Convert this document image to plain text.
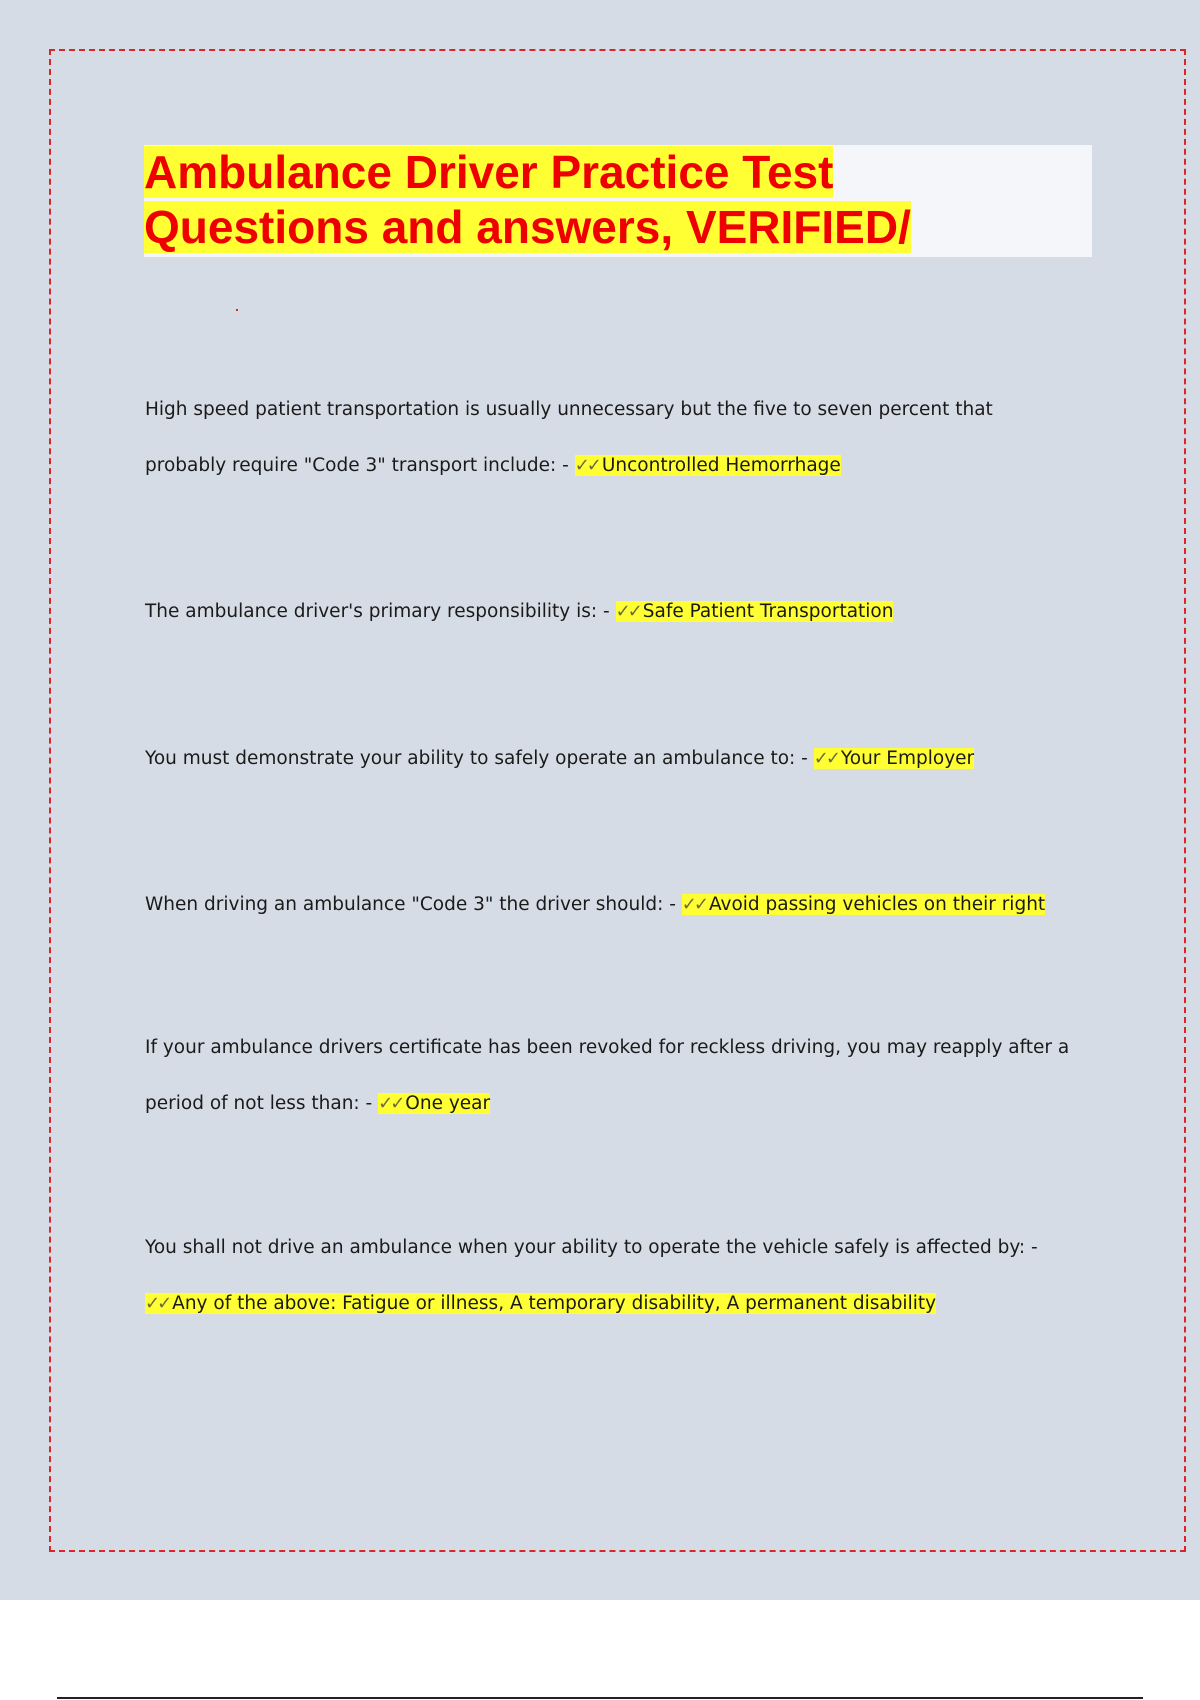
Ambulance Driver Practice Test
Questions and answers, VERIFIED/

High speed patient transportation is usually unnecessary but the five to seven percent that probably require "Code 3" transport include: - ✓✓ Uncontrolled Hemorrhage

The ambulance driver's primary responsibility is: - ✓✓ Safe Patient Transportation

You must demonstrate your ability to safely operate an ambulance to: - ✓✓ Your Employer

When driving an ambulance "Code 3" the driver should: - ✓✓ Avoid passing vehicles on their right

If your ambulance drivers certificate has been revoked for reckless driving, you may reapply after a period of not less than: - ✓✓ One year

You shall not drive an ambulance when your ability to operate the vehicle safely is affected by: - ✓✓ Any of the above: Fatigue or illness, A temporary disability, A permanent disability
